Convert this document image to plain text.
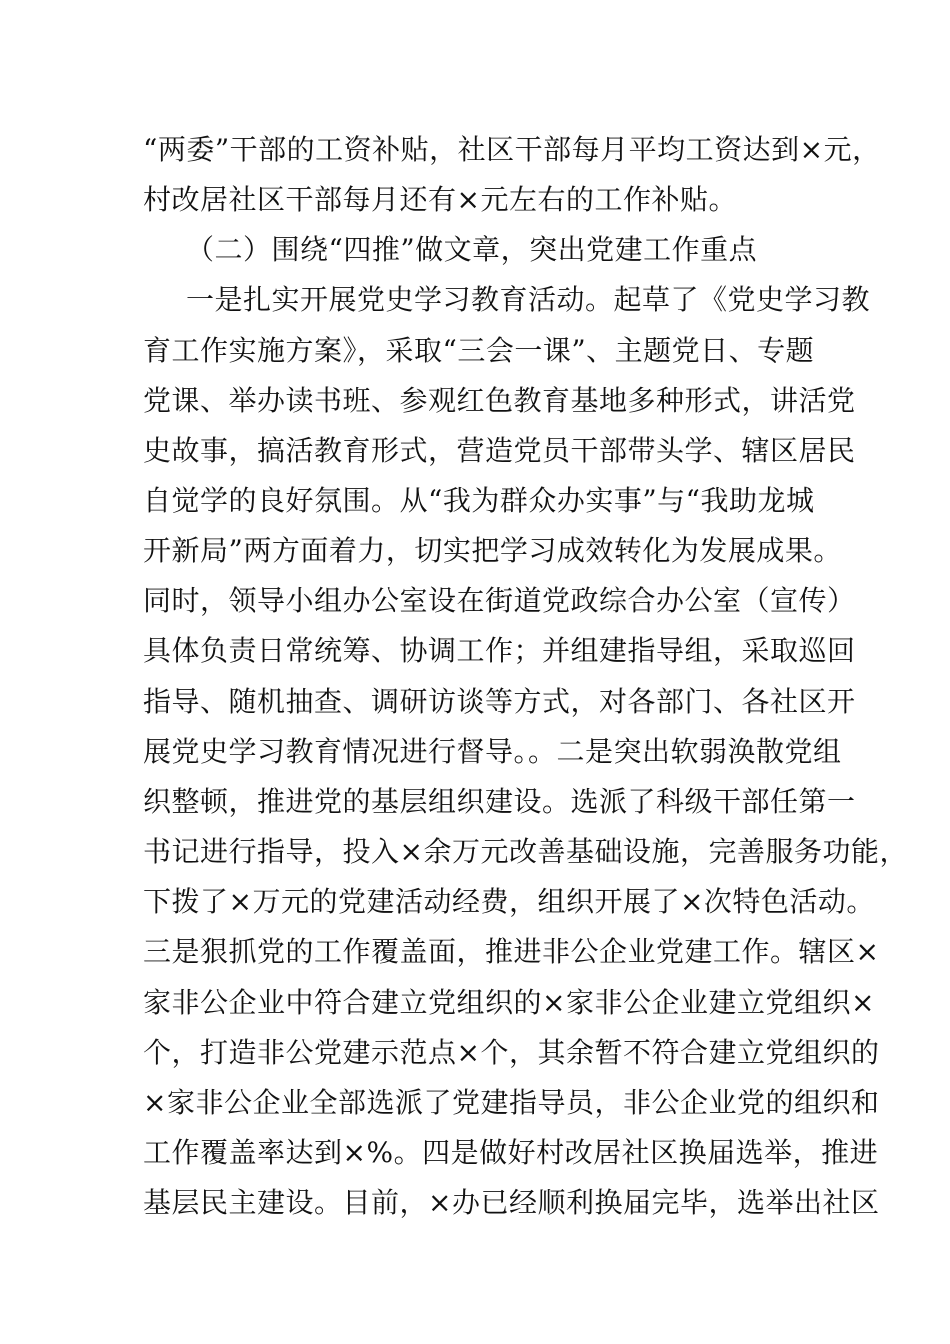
“两委”干部的工资补贴，社区干部每月平均工资达到×元，
村改居社区干部每月还有×元左右的工作补贴。
（二）围绕“四推”做文章，突出党建工作重点
一是扎实开展党史学习教育活动。起草了《党史学习教
育工作实施方案》，采取“三会一课”、主题党日、专题
党课、举办读书班、参观红色教育基地多种形式，讲活党
史故事，搞活教育形式，营造党员干部带头学、辖区居民
自觉学的良好氛围。从“我为群众办实事”与“我助龙城
开新局”两方面着力，切实把学习成效转化为发展成果。
同时，领导小组办公室设在街道党政综合办公室（宣传）
具体负责日常统筹、协调工作；并组建指导组，采取巡回
指导、随机抽查、调研访谈等方式，对各部门、各社区开
展党史学习教育情况进行督导。。二是突出软弱涣散党组
织整顿，推进党的基层组织建设。选派了科级干部任第一
书记进行指导，投入×余万元改善基础设施，完善服务功能，
下拨了×万元的党建活动经费，组织开展了×次特色活动。
三是狠抓党的工作覆盖面，推进非公企业党建工作。辖区×
家非公企业中符合建立党组织的×家非公企业建立党组织×
个，打造非公党建示范点×个，其余暂不符合建立党组织的
×家非公企业全部选派了党建指导员，非公企业党的组织和
工作覆盖率达到×%。四是做好村改居社区换届选举，推进
基层民主建设。目前，×办已经顺利换届完毕，选举出社区
